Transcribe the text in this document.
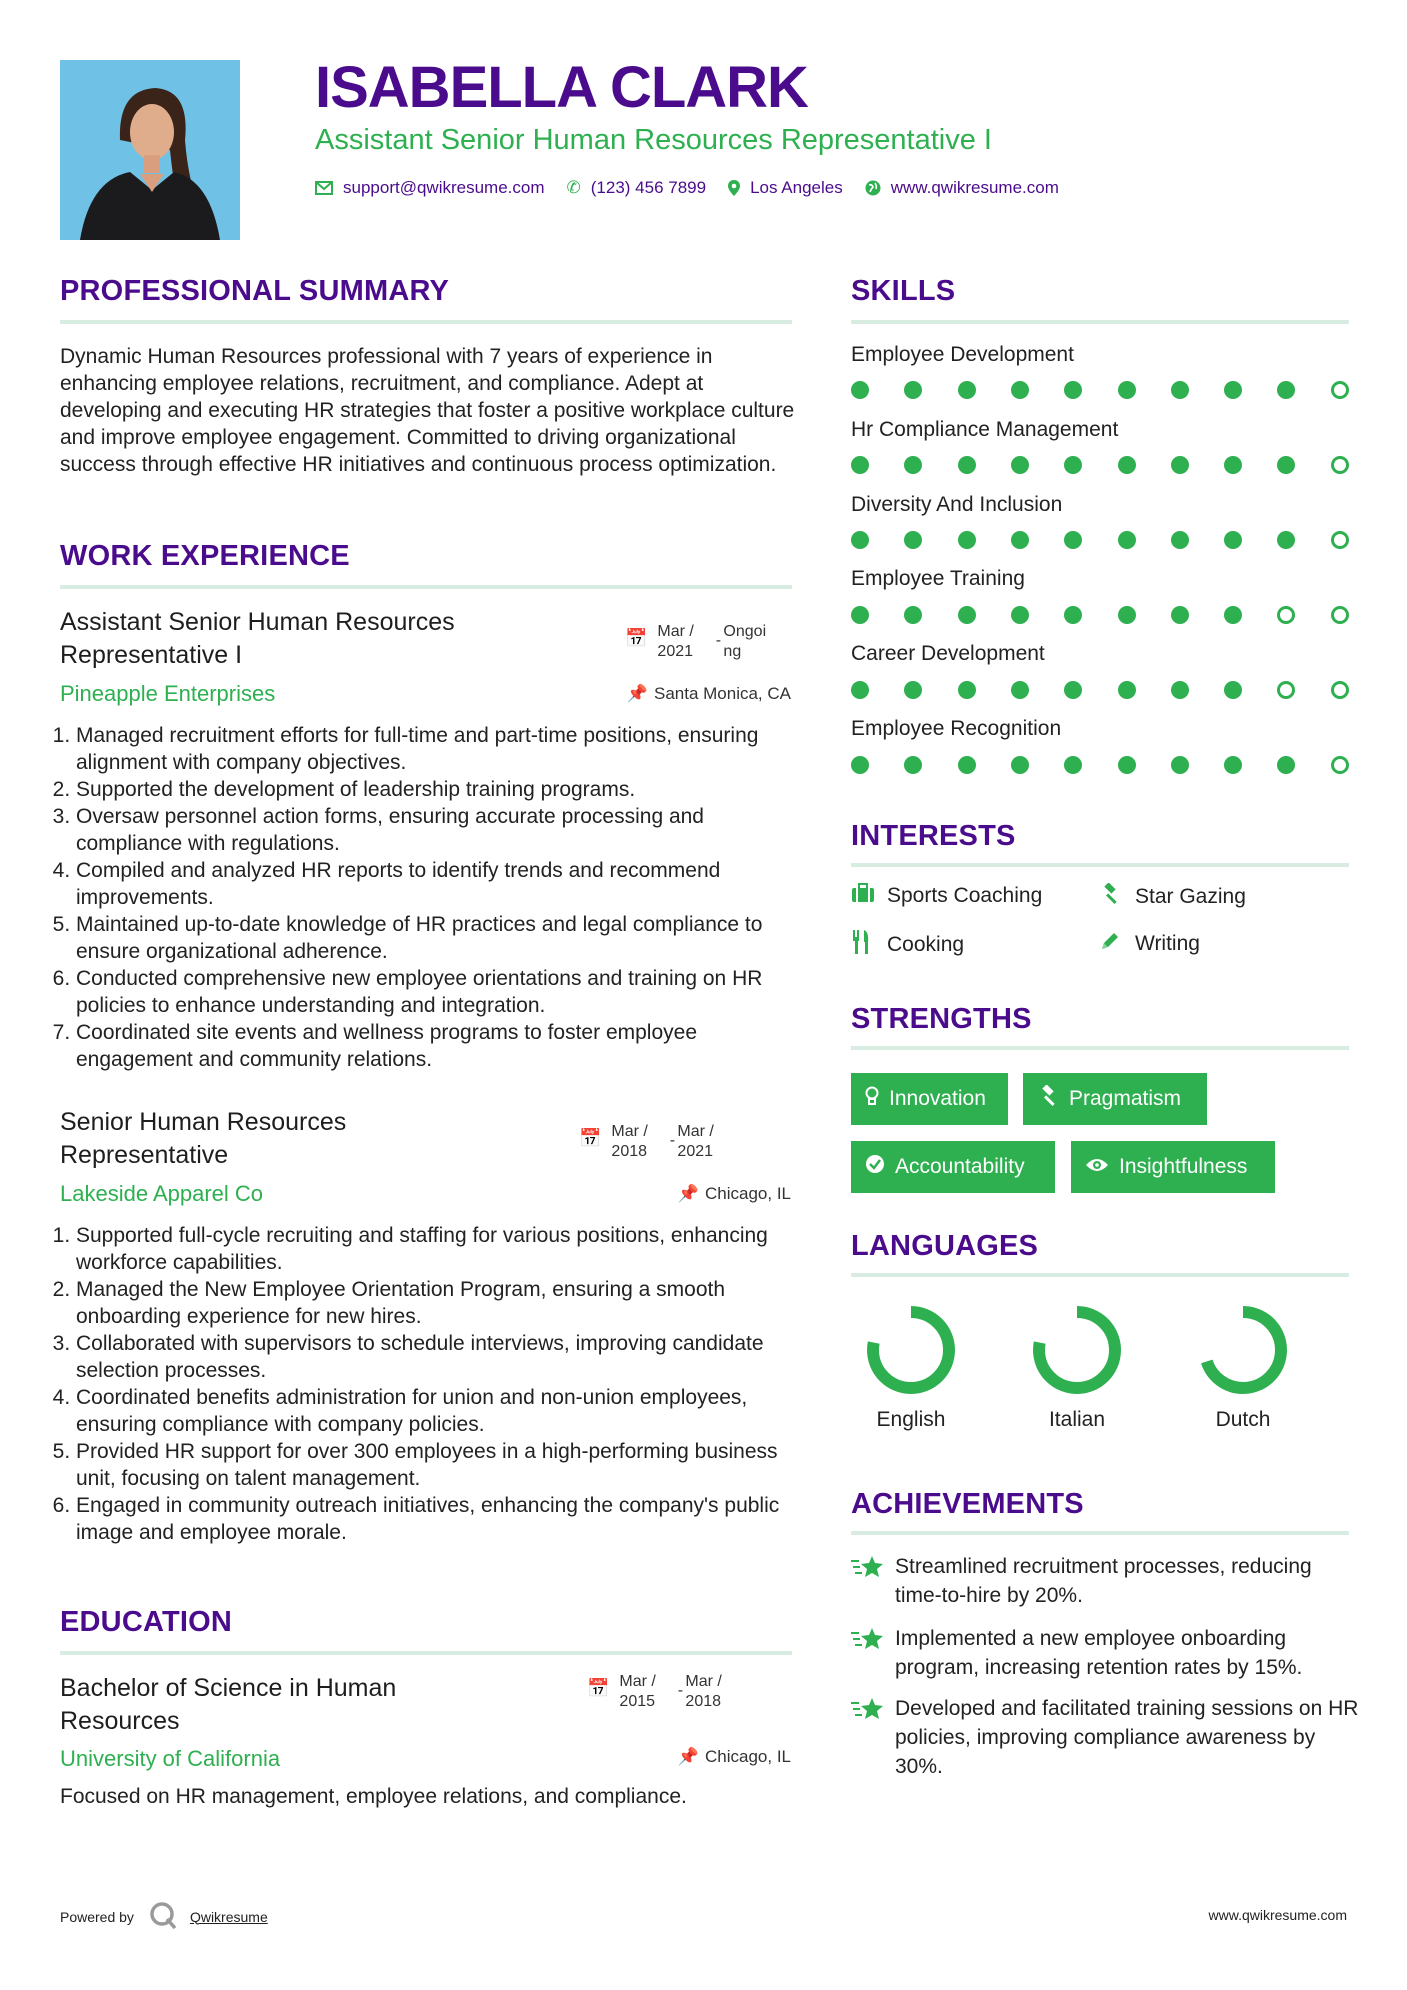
ISABELLA CLARK
Assistant Senior Human Resources Representative I
support@qwikresume.com ✆ (123) 456 7899	Los Angeles	www.qwikresume.com
PROFESSIONAL SUMMARY
Dynamic Human Resources professional with 7 years of experience in enhancing employee relations, recruitment, and compliance. Adept at developing and executing HR strategies that foster a positive workplace culture and improve employee engagement. Committed to driving organizational success through effective HR initiatives and continuous process optimization.
WORK EXPERIENCE
Assistant Senior Human Resources Representative I
📅 Mar / 2021
-
Ongoi ng
Pineapple Enterprises	📌 Santa Monica, CA
1. Managed recruitment efforts for full-time and part-time positions, ensuring alignment with company objectives.
2. Supported the development of leadership training programs.
3. Oversaw personnel action forms, ensuring accurate processing and compliance with regulations.
4. Compiled and analyzed HR reports to identify trends and recommend improvements.
5. Maintained up-to-date knowledge of HR practices and legal compliance to ensure organizational adherence.
6. Conducted comprehensive new employee orientations and training on HR policies to enhance understanding and integration.
7. Coordinated site events and wellness programs to foster employee engagement and community relations.
Senior Human Resources Representative
📅 Mar / 2018
-
Mar / 2021
Lakeside Apparel Co	📌 Chicago, IL
1. Supported full-cycle recruiting and staffing for various positions, enhancing workforce capabilities.
2. Managed the New Employee Orientation Program, ensuring a smooth onboarding experience for new hires.
3. Collaborated with supervisors to schedule interviews, improving candidate selection processes.
4. Coordinated benefits administration for union and non-union employees, ensuring compliance with company policies.
5. Provided HR support for over 300 employees in a high-performing business unit, focusing on talent management.
6. Engaged in community outreach initiatives, enhancing the company's public image and employee morale.
EDUCATION
Bachelor of Science in Human Resources
📅 Mar / 2015
-
Mar / 2018
University of California	📌 Chicago, IL
Focused on HR management, employee relations, and compliance.
SKILLS
Employee Development
Hr Compliance Management
Diversity And Inclusion
Employee Training
Career Development
Employee Recognition
INTERESTS
Sports Coaching	Star Gazing
Cooking	Writing
STRENGTHS
Innovation	Pragmatism
Accountability	Insightfulness
LANGUAGES
English	Italian	Dutch
ACHIEVEMENTS
Streamlined recruitment processes, reducing time-to-hire by 20%.
Implemented a new employee onboarding program, increasing retention rates by 15%.
Developed and facilitated training sessions on HR policies, improving compliance awareness by 30%.
Powered by	Qwikresume	www.qwikresume.com
